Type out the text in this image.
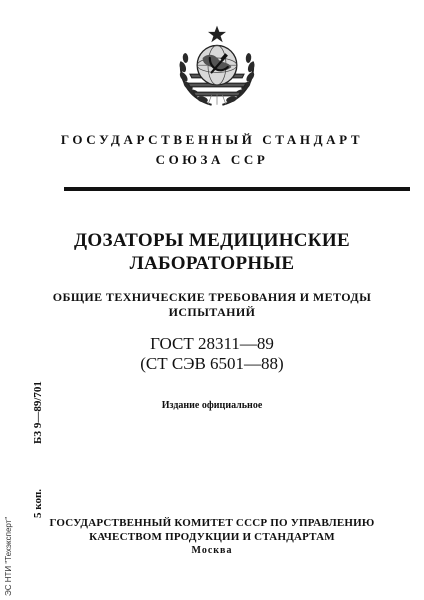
ГОСУДАРСТВЕННЫЙ СТАНДАРТ
СОЮЗА ССР
ДОЗАТОРЫ МЕДИЦИНСКИЕ
ЛАБОРАТОРНЫЕ
ОБЩИЕ ТЕХНИЧЕСКИЕ ТРЕБОВАНИЯ И МЕТОДЫ
ИСПЫТАНИЙ
ГОСТ 28311—89
(СТ СЭВ 6501—88)
Издание официальное
ГОСУДАРСТВЕННЫЙ КОМИТЕТ СССР ПО УПРАВЛЕНИЮ
КАЧЕСТВОМ ПРОДУКЦИИ И СТАНДАРТАМ
Москва
БЗ 9—89/701
5 коп.
ЭС НТИ "Техэксперт"
